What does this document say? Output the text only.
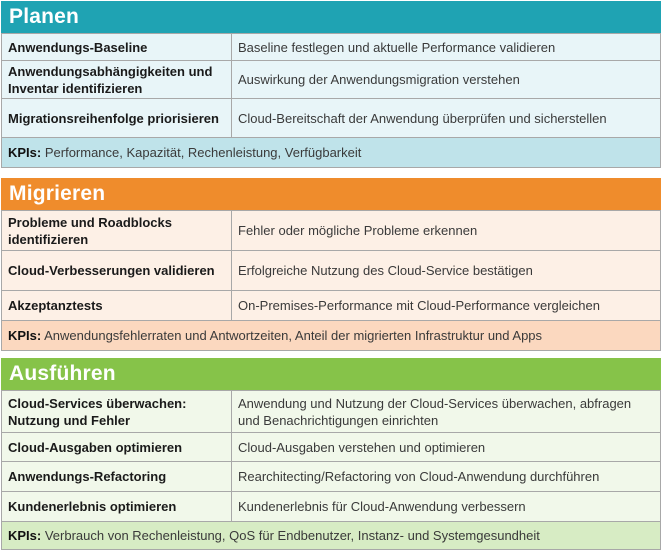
Planen
Anwendungs-Baseline	Baseline festlegen und aktuelle Performance validieren
Anwendungsabhängigkeiten und Inventar identifizieren	Auswirkung der Anwendungsmigration verstehen
Migrationsreihenfolge priorisieren	Cloud-Bereitschaft der Anwendung überprüfen und sicherstellen
KPIs: Performance, Kapazität, Rechenleistung, Verfügbarkeit	
Migrieren
Probleme und Roadblocks identifizieren	Fehler oder mögliche Probleme erkennen
Cloud-Verbesserungen validieren	Erfolgreiche Nutzung des Cloud-Service bestätigen
Akzeptanztests	On-Premises-Performance mit Cloud-Performance vergleichen
KPIs: Anwendungsfehlerraten und Antwortzeiten, Anteil der migrierten Infrastruktur und Apps	
Ausführen
Cloud-Services überwachen: Nutzung und Fehler	Anwendung und Nutzung der Cloud-Services überwachen, abfragen und Benachrichtigungen einrichten
Cloud-Ausgaben optimieren	Cloud-Ausgaben verstehen und optimieren
Anwendungs-Refactoring	Rearchitecting/Refactoring von Cloud-Anwendung durchführen
Kundenerlebnis optimieren	Kundenerlebnis für Cloud-Anwendung verbessern
KPIs: Verbrauch von Rechenleistung, QoS für Endbenutzer, Instanz- und Systemgesundheit	
